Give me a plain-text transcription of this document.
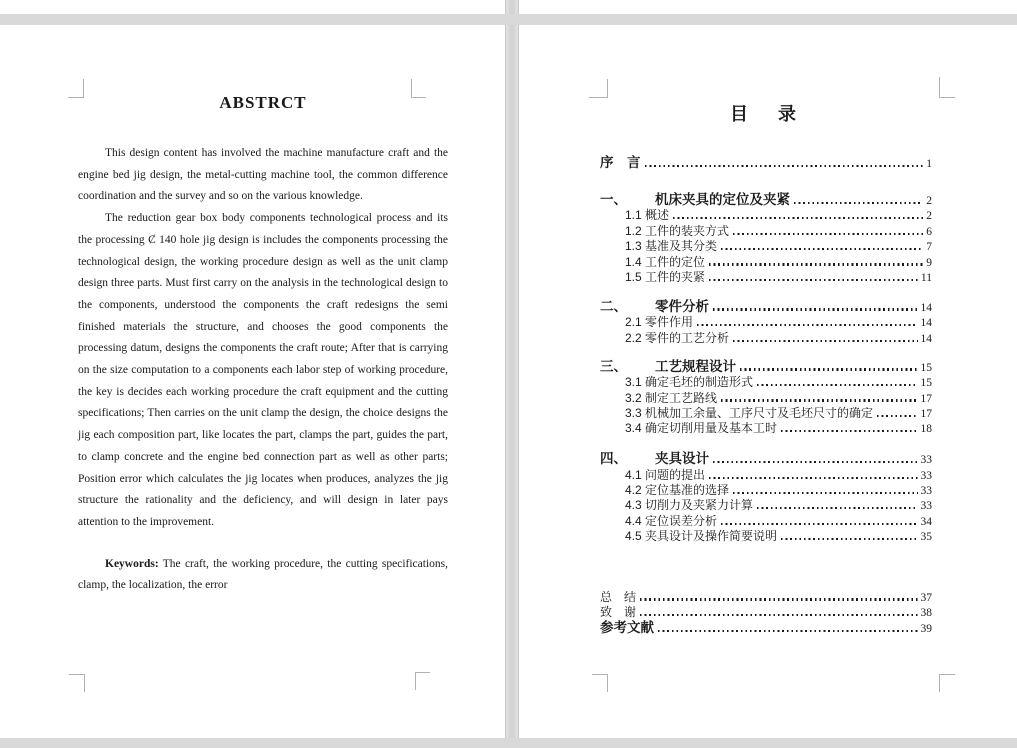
ABSTRCT

This design content has involved the machine manufacture craft and the engine bed jig design, the metal-cutting machine tool, the common difference coordination and the survey and so on the various knowledge.

The reduction gear box body components technological process and its the processing Ȼ 140 hole jig design is includes the components processing the technological design, the working procedure design as well as the unit clamp design three parts. Must first carry on the analysis in the technological design to the components, understood the components the craft redesigns the semi finished materials the structure, and chooses the good components the processing datum, designs the components the craft route; After that is carrying on the size computation to a components each labor step of working procedure, the key is decides each working procedure the craft equipment and the cutting specifications; Then carries on the unit clamp the design, the choice designs the jig each composition part, like locates the part, clamps the part, guides the part, to clamp concrete and the engine bed connection part as well as other parts; Position error which calculates the jig locates when produces, analyzes the jig structure the rationality and the deficiency, and will design in later pays attention to the improvement.

Keywords: The craft, the working procedure, the cutting specifications, clamp, the localization, the error

目　录
序　言	1
一、	机床夹具的定位及夹紧	2
1.1 概述	2
1.2 工件的装夹方式	6
1.3 基准及其分类	7
1.4 工件的定位	9
1.5 工件的夹紧	11
二、	零件分析	14
2.1 零件作用	14
2.2 零件的工艺分析	14
三、	工艺规程设计	15
3.1 确定毛坯的制造形式	15
3.2 制定工艺路线	17
3.3 机械加工余量、工序尺寸及毛坯尺寸的确定	17
3.4 确定切削用量及基本工时	18
四、	夹具设计	33
4.1 问题的提出	33
4.2 定位基准的选择	33
4.3 切削力及夹紧力计算	33
4.4 定位误差分析	34
4.5 夹具设计及操作简要说明	35
总　结	37
致　谢	38
参考文献	39
